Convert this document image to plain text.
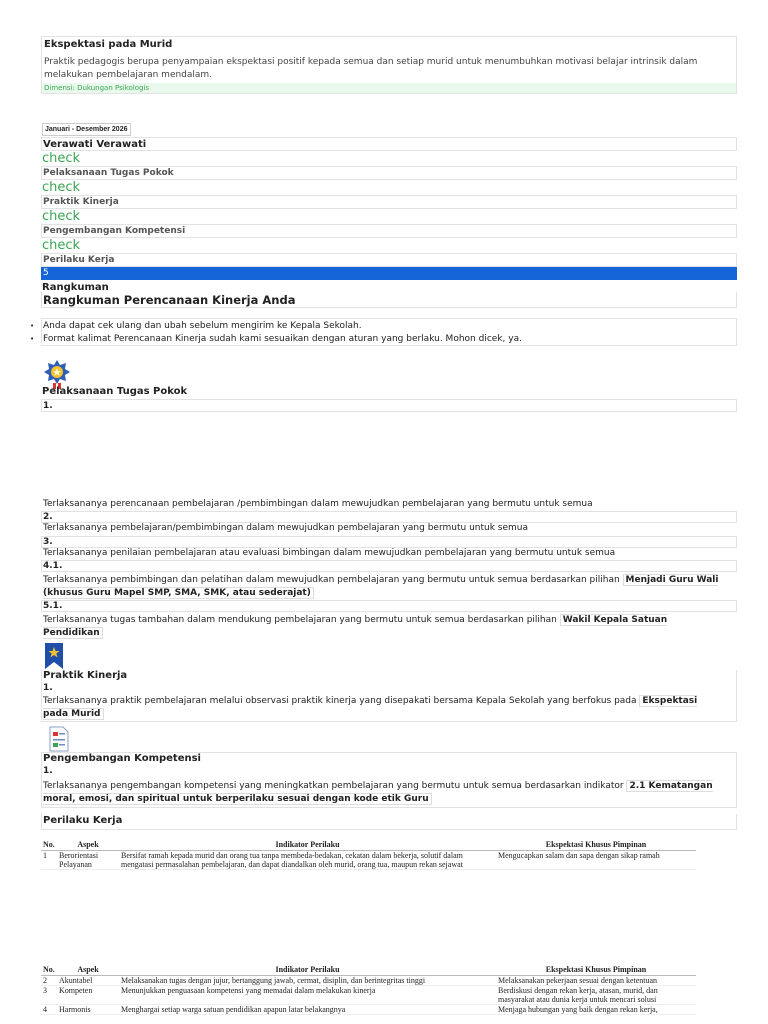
Ekspektasi pada Murid
Praktik pedagogis berupa penyampaian ekspektasi positif kepada semua dan setiap murid untuk menumbuhkan motivasi belajar intrinsik dalam melakukan pembelajaran mendalam.
Dimensi: Dukungan Psikologis
Januari - Desember 2026
Verawati Verawati
check
Pelaksanaan Tugas Pokok
check
Praktik Kinerja
check
Pengembangan Kompetensi
check
Perilaku Kerja
5
Rangkuman
Rangkuman Perencanaan Kinerja Anda
• Anda dapat cek ulang dan ubah sebelum mengirim ke Kepala Sekolah.
• Format kalimat Perencanaan Kinerja sudah kami sesuaikan dengan aturan yang berlaku. Mohon dicek, ya.
Pelaksanaan Tugas Pokok
1.
Terlaksananya perencanaan pembelajaran /pembimbingan dalam mewujudkan pembelajaran yang bermutu untuk semua
2.
Terlaksananya pembelajaran/pembimbingan dalam mewujudkan pembelajaran yang bermutu untuk semua
3.
Terlaksananya penilaian pembelajaran atau evaluasi bimbingan dalam mewujudkan pembelajaran yang bermutu untuk semua
4.1.
Terlaksananya pembimbingan dan pelatihan dalam mewujudkan pembelajaran yang bermutu untuk semua berdasarkan pilihan Menjadi Guru Wali (khusus Guru Mapel SMP, SMA, SMK, atau sederajat)
5.1.
Terlaksananya tugas tambahan dalam mendukung pembelajaran yang bermutu untuk semua berdasarkan pilihan Wakil Kepala Satuan Pendidikan
Praktik Kinerja
1.
Terlaksananya praktik pembelajaran melalui observasi praktik kinerja yang disepakati bersama Kepala Sekolah yang berfokus pada Ekspektasi pada Murid
Pengembangan Kompetensi
1.
Terlaksananya pengembangan kompetensi yang meningkatkan pembelajaran yang bermutu untuk semua berdasarkan indikator 2.1 Kematangan moral, emosi, dan spiritual untuk berperilaku sesuai dengan kode etik Guru
Perilaku Kerja
No.	Aspek	Indikator Perilaku	Ekspektasi Khusus Pimpinan
1	Berorientasi Pelayanan	Bersifat ramah kepada murid dan orang tua tanpa membeda-bedakan, cekatan dalam bekerja, solutif dalam mengatasi permasalahan pembelajaran, dan dapat diandalkan oleh murid, orang tua, maupun rekan sejawat	Mengucapkan salam dan sapa dengan sikap ramah
No.	Aspek	Indikator Perilaku	Ekspektasi Khusus Pimpinan
2	Akuntabel	Melaksanakan tugas dengan jujur, bertanggung jawab, cermat, disiplin, dan berintegritas tinggi	Melaksanakan pekerjaan sesuai dengan ketentuan
3	Kompeten	Menunjukkan penguasaan kompetensi yang memadai dalam melakukan kinerja	Berdiskusi dengan rekan kerja, atasan, murid, dan masyarakat atau dunia kerja untuk mencari solusi
4	Harmonis	Menghargai setiap warga satuan pendidikan apapun latar belakangnya	Menjaga hubungan yang baik dengan rekan kerja,
